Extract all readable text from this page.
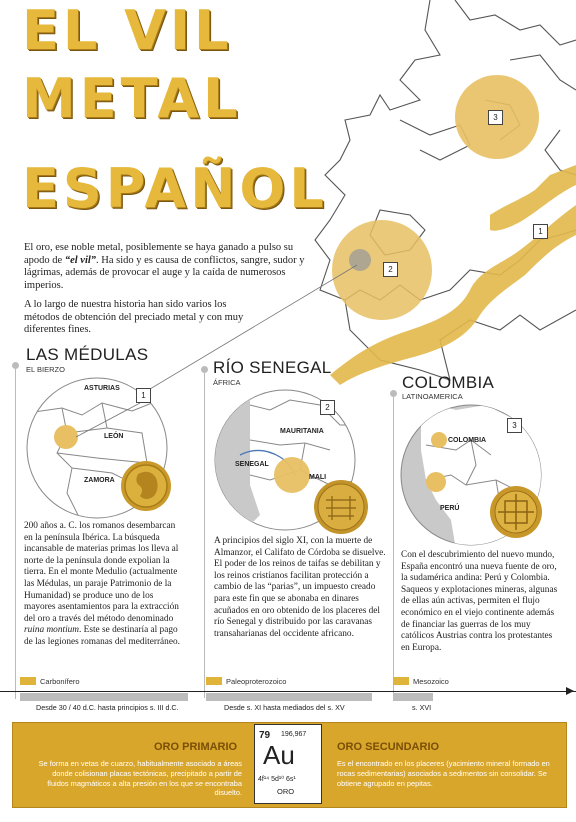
3
2
1
EL VIL
METAL
ESPAÑOL
El oro, ese noble metal, posiblemente se haya ganado a pulso su apodo de “el vil”. Ha sido y es causa de conflictos, sangre, sudor y lágrimas, además de provocar el auge y la caída de numerosos imperios.
A lo largo de nuestra historia han sido varios los métodos de obtención del preciado metal y con muy diferentes fines.
LAS MÉDULAS
EL BIERZO
1
ASTURIAS
LEÓN
ZAMORA
200 años a. C. los romanos desembarcan en la península Ibérica. La búsqueda incansable de materias primas los lleva al norte de la península donde expolian la tierra. En el monte Medulio (actualmente las Médulas, un paraje Patrimonio de la Humanidad) se produce uno de los mayores asentamientos para la extracción del oro a través del método denominado ruina montium. Este se destinaría al pago de las legiones romanas del mediterráneo.
Carbonífero
RÍO SENEGAL
ÁFRICA
2
MAURITANIA
SENEGAL
MALI
A principios del siglo XI, con la muerte de Almanzor, el Califato de Córdoba se disuelve. El poder de los reinos de taifas se debilitan y los reinos cristianos facilitan protección a cambio de las “parias”, un impuesto creado para este fin que se abonaba en dinares acuñados en oro obtenido de los placeres del río Senegal y distribuido por las caravanas transaharianas del occidente africano.
Paleoproterozoico
COLOMBIA
LATINOAMERICA
3
COLOMBIA
PERÚ
Con el descubrimiento del nuevo mundo, España encontró una nueva fuente de oro, la sudamérica andina: Perú y Colombia. Saqueos y explotaciones mineras, algunas de ellas aún activas, permiten el flujo económico en el viejo continente además de financiar las guerras de los muy católicos Austrias contra los protestantes en Europa.
Mesozoico
Desde 30 / 40 d.C. hasta principios s. III d.C.	Desde s. XI hasta mediados del s. XV	s. XVI
ORO PRIMARIO
Se forma en vetas de cuarzo, habitualmente asociado a áreas donde colisionan placas tectónicas, precipitado a partir de fluidos magmáticos a alta presión en los que se encontraba disuelto.
79 196,967
Au
4f¹⁴ 5d¹⁰ 6s¹
ORO
ORO SECUNDARIO
Es el encontrado en los placeres (yacimiento mineral formado en rocas sedimentarias) asociados a sedimentos sin consolidar. Se obtiene agrupado en pepitas.
